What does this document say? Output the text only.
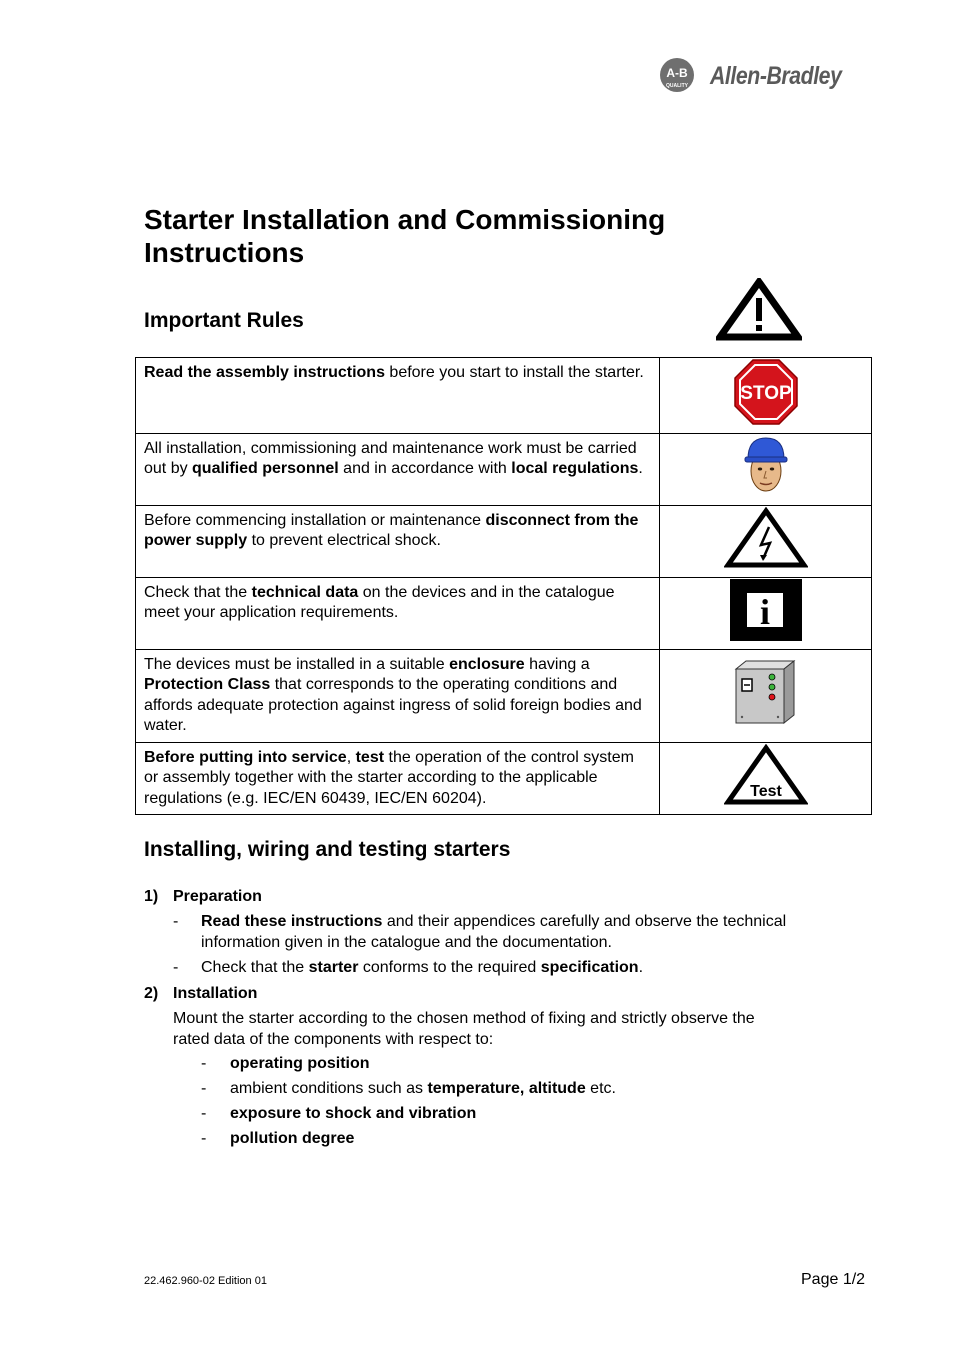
A-B
QUALITY Allen-Bradley
Starter Installation and Commissioning Instructions
Important Rules
Read the assembly instructions before you start to install the starter.	STOP

All installation, commissioning and maintenance work must be carried out by qualified personnel and in accordance with local regulations.	
Before commencing installation or maintenance disconnect from the power supply to prevent electrical shock.	
Check that the technical data on the devices and in the catalogue meet your application requirements.	i

The devices must be installed in a suitable enclosure having a Protection Class that corresponds to the operating conditions and affords adequate protection against ingress of solid foreign bodies and water.	
Before putting into service, test the operation of the control system or assembly together with the starter according to the applicable regulations (e.g. IEC/EN 60439, IEC/EN 60204).	Test
Installing, wiring and testing starters
1) Preparation
- Read these instructions and their appendices carefully and observe the technical information given in the catalogue and the documentation.
- Check that the starter conforms to the required specification.
2) Installation
Mount the starter according to the chosen method of fixing and strictly observe the rated data of the components with respect to:
- operating position
- ambient conditions such as temperature, altitude etc.
- exposure to shock and vibration
- pollution degree
22.462.960-02 Edition 01	Page 1/2
